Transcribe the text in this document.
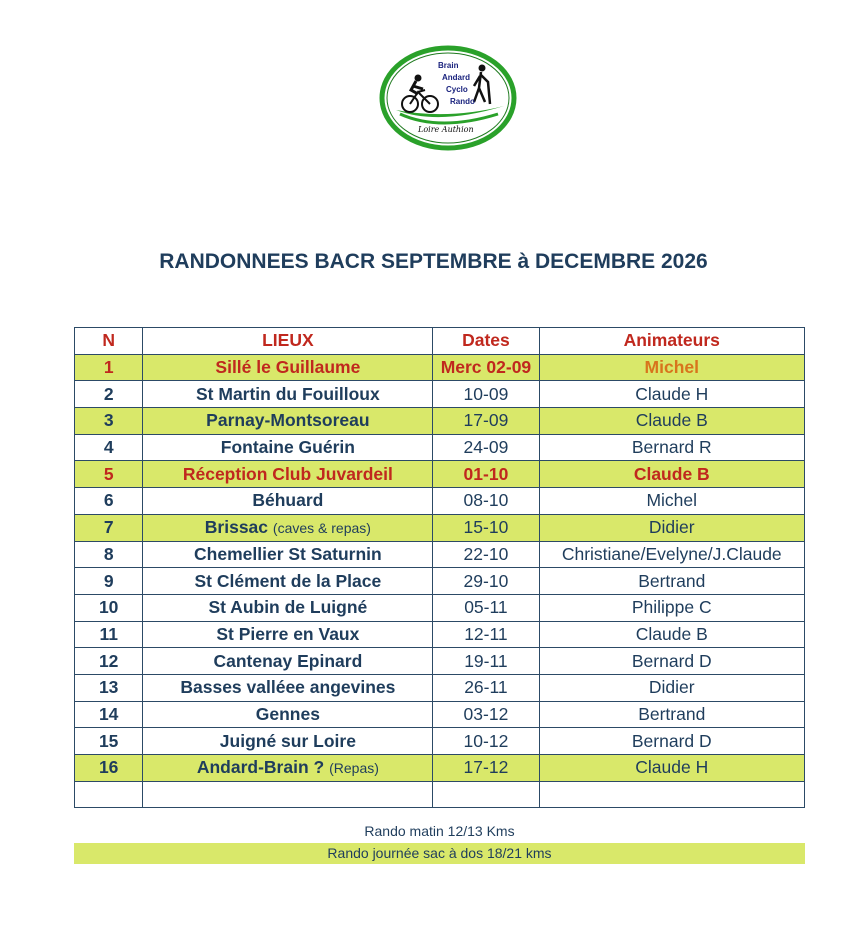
Brain
Andard
Cyclo
Rando
Loire Authion
RANDONNEES BACR SEPTEMBRE à DECEMBRE 2026
N	LIEUX	Dates	Animateurs
1	Sillé le Guillaume	Merc 02-09	Michel
2	St Martin du Fouilloux	10-09	Claude H
3	Parnay-Montsoreau	17-09	Claude B
4	Fontaine Guérin	24-09	Bernard R
5	Réception Club Juvardeil	01-10	Claude B
6	Béhuard	08-10	Michel
7	Brissac (caves & repas)	15-10	Didier
8	Chemellier St Saturnin	22-10	Christiane/Evelyne/J.Claude
9	St Clément de la Place	29-10	Bertrand
10	St Aubin de Luigné	05-11	Philippe C
11	St Pierre en Vaux	12-11	Claude B
12	Cantenay Epinard	19-11	Bernard D
13	Basses valléee angevines	26-11	Didier
14	Gennes	03-12	Bertrand
15	Juigné sur Loire	10-12	Bernard D
16	Andard-Brain ? (Repas)	17-12	Claude H

Rando matin 12/13 Kms
Rando journée sac à dos 18/21 kms
